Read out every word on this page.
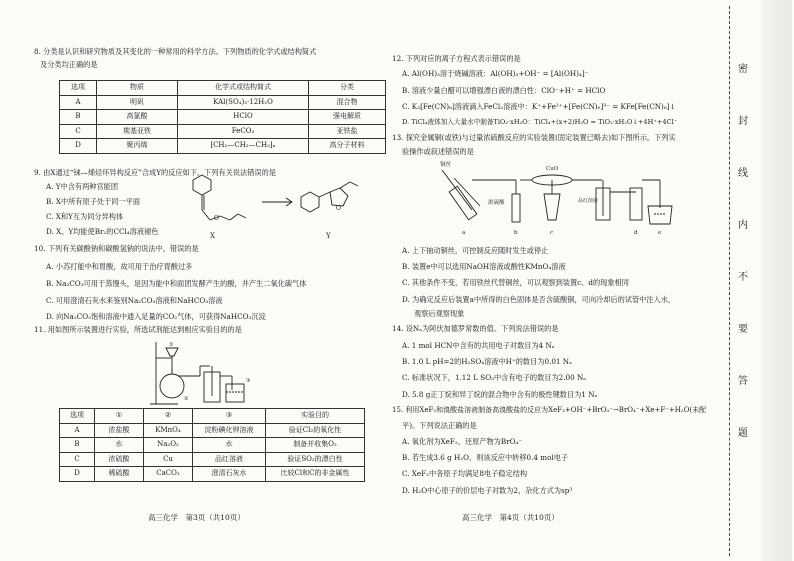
8. 分类是认识和研究物质及其变化的一种常用的科学方法。下列物质的化学式或结构简式
及分类均正确的是
选项	物质	化学式或结构简式	分类
A	明矾	KAl(SO₄)₂·12H₂O	混合物
B	高氯酸	HClO	强电解质
C	羰基亚铁	FeCO₃	亚铁盐
D	聚丙烯	⁅CH₂—CH₂—CH₂⁆ₙ	高分子材料
9. 由X通过“铼—烯烃环异构反应”合成Y的反应如下。下列有关说法错误的是
A. Y中含有两种官能团
B. X中所有原子处于同一平面
C. X和Y互为同分异构体
D. X、Y均能使Br₂的CCl₄溶液褪色
O
O
X	Y
10. 下列有关碳酸钠和碳酸氢钠的说法中，错误的是
A. 小苏打能中和胃酸，故可用于治疗胃酸过多
B. Na₂CO₃可用于蒸馒头，是因为能中和面团发酵产生的酸，并产生二氧化碳气体
C. 可用澄清石灰水来鉴别Na₂CO₃溶液和NaHCO₃溶液
D. 向Na₂CO₃饱和溶液中通入足量的CO₂气体，可获得NaHCO₃沉淀
11. 用如图所示装置进行实验，所选试剂能达到相应实验目的的是
①
②
③
选项	①	②	③	实验目的
A	浓盐酸	KMnO₄	淀粉碘化钾溶液	验证Cl₂的氧化性
B	水	Na₂O₂	水	制备并收集O₂
C	浓硫酸	Cu	品红溶液	验证SO₂的漂白性
D	稀硫酸	CaCO₃	澄清石灰水	比较Cl和C的非金属性
高三化学　第3页（共10页）
12. 下列对应的离子方程式表示错误的是
A. Al(OH)₃溶于烧碱溶液：Al(OH)₃+OH⁻ = [Al(OH)₄]⁻
B. 溶液少量白醋可以增强漂白液的漂白性：ClO⁻+H⁺ = HClO
C. K₃[Fe(CN)₆]溶液滴入FeCl₂溶液中：K⁺+Fe²⁺+[Fe(CN)₆]³⁻ = KFe[Fe(CN)₆]↓
D. TiCl₄液体加入大量水中制备TiO₂·xH₂O：TiCl₄+(x+2)H₂O = TiO₂·xH₂O↓+4H⁺+4Cl⁻
13. 探究金属铜(或铁)与过量浓硫酸反应的实验装置(固定装置已略去)如下图所示。下列实
验操作或叙述错误的是
铜丝
浓硫酸
CuO
品红溶液
a	b	c	d	e
A. 上下抽动铜丝，可控制反应随时发生或停止
B. 装置e中可以选用NaOH溶液或酸性KMnO₄溶液
C. 其他条件不变，若用铁丝代替铜丝，可以观察到装置c、d的现象相同
D. 为确定反应后装置a中所得的白色固体是否含硫酸铜，可向冷却后的试管中注入水，
观察后观察现象
14. 设Nₐ为阿伏加德罗常数的值。下列说法错误的是
A. 1 mol HCN中含有的共用电子对数目为4 Nₐ
B. 1.0 L pH=2的H₂SO₄溶液中H⁺的数目为0.01 Nₐ
C. 标准状况下，1.12 L SO₃中含有电子的数目为2.00 Nₐ
D. 5.8 g正丁烷和异丁烷的混合物中含有的极性键数目为1 Nₐ
15. 利用XeF₂和溴酸盐溶液制备高溴酸盐的反应为XeF₂+OH⁻+BrO₃⁻→BrO₄⁻+Xe+F⁻+H₂O(未配
平)。下列说法正确的是
A. 氧化剂为XeF₂，还原产物为BrO₄⁻
B. 若生成3.6 g H₂O，则该反应中转移0.4 mol电子
C. XeF₂中各原子均满足8电子稳定结构
D. H₂O中心原子的价层电子对数为2，杂化方式为sp³
高三化学　第4页（共10页）
密
封
线
内
不
要
答
题
